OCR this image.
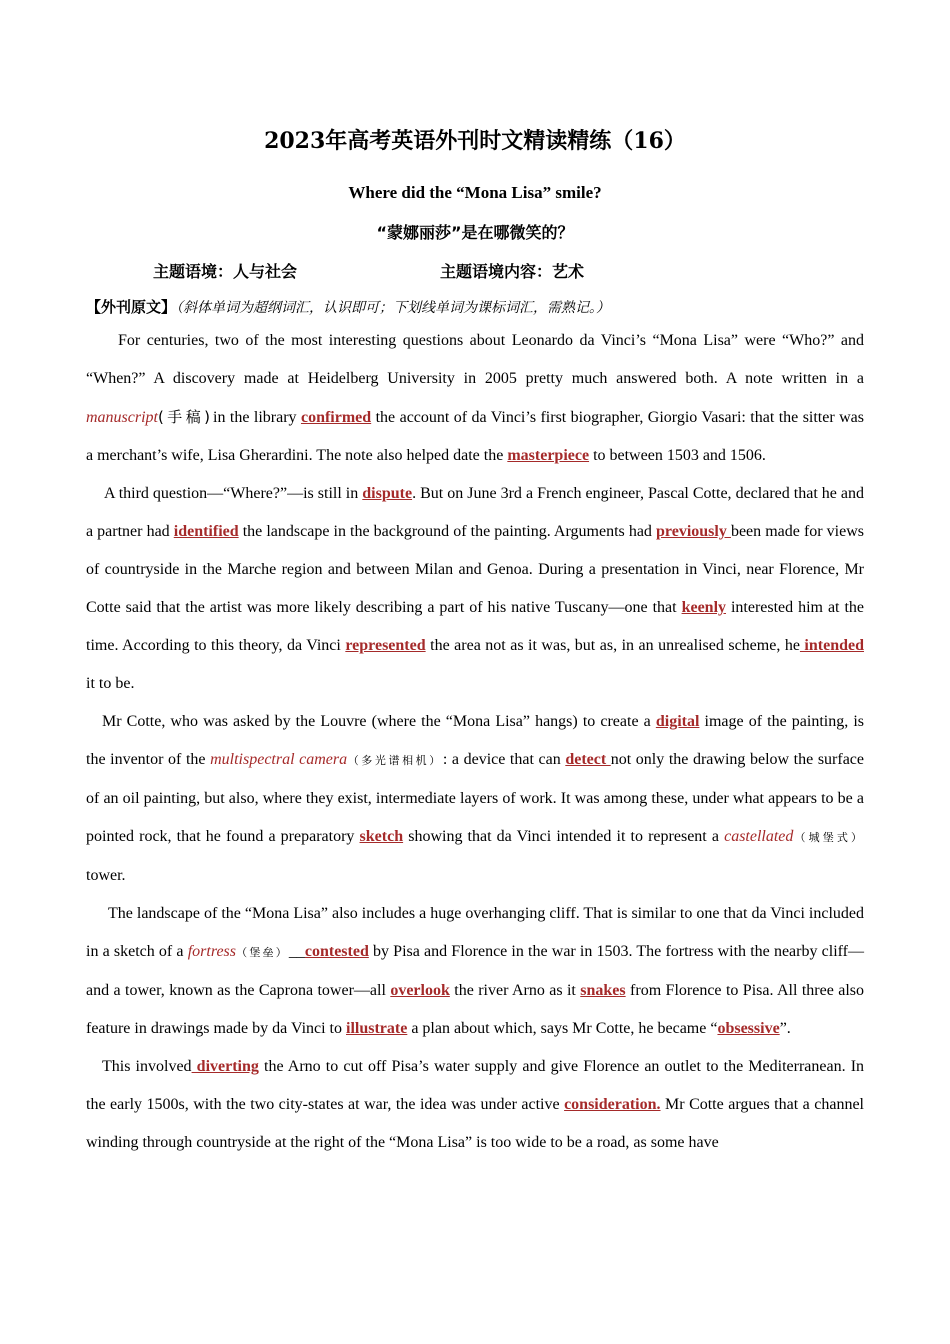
2023年高考英语外刊时文精读精练（16）
Where did the “Mona Lisa” smile?
“蒙娜丽莎”是在哪微笑的？
主题语境：人与社会	主题语境内容：艺术
【外刊原文】（斜体单词为超纲词汇，认识即可；下划线单词为课标词汇，需熟记。）

For centuries, two of the most interesting questions about Leonardo da Vinci’s “Mona Lisa” were “Who?” and “When?” A discovery made at Heidelberg University in 2005 pretty much answered both. A note written in a manuscript(手稿)in the library confirmed the account of da Vinci’s first biographer, Giorgio Vasari: that the sitter was a merchant’s wife, Lisa Gherardini. The note also helped date the masterpiece to between 1503 and 1506.

A third question—“Where?”—is still in dispute. But on June 3rd a French engineer, Pascal Cotte, declared that he and a partner had identified the landscape in the background of the painting. Arguments had previously been made for views of countryside in the Marche region and between Milan and Genoa. During a presentation in Vinci, near Florence, Mr Cotte said that the artist was more likely describing a part of his native Tuscany—one that keenly interested him at the time. According to this theory, da Vinci represented the area not as it was, but as, in an unrealised scheme, he intended it to be.

Mr Cotte, who was asked by the Louvre (where the “Mona Lisa” hangs) to create a digital image of the painting, is the inventor of the multispectral camera（多光谱相机）: a device that can detect not only the drawing below the surface of an oil painting, but also, where they exist, intermediate layers of work. It was among these, under what appears to be a pointed rock, that he found a preparatory sketch showing that da Vinci intended it to represent a castellated（城堡式）tower.

The landscape of the “Mona Lisa” also includes a huge overhanging cliff. That is similar to one that da Vinci included in a sketch of a fortress（堡垒）__contested by Pisa and Florence in the war in 1503. The fortress with the nearby cliff—and a tower, known as the Caprona tower—all overlook the river Arno as it snakes from Florence to Pisa. All three also feature in drawings made by da Vinci to illustrate a plan about which, says Mr Cotte, he became “obsessive”.

This involved diverting the Arno to cut off Pisa’s water supply and give Florence an outlet to the Mediterranean. In the early 1500s, with the two city-states at war, the idea was under active consideration. Mr Cotte argues that a channel winding through countryside at the right of the “Mona Lisa” is too wide to be a road, as some have
